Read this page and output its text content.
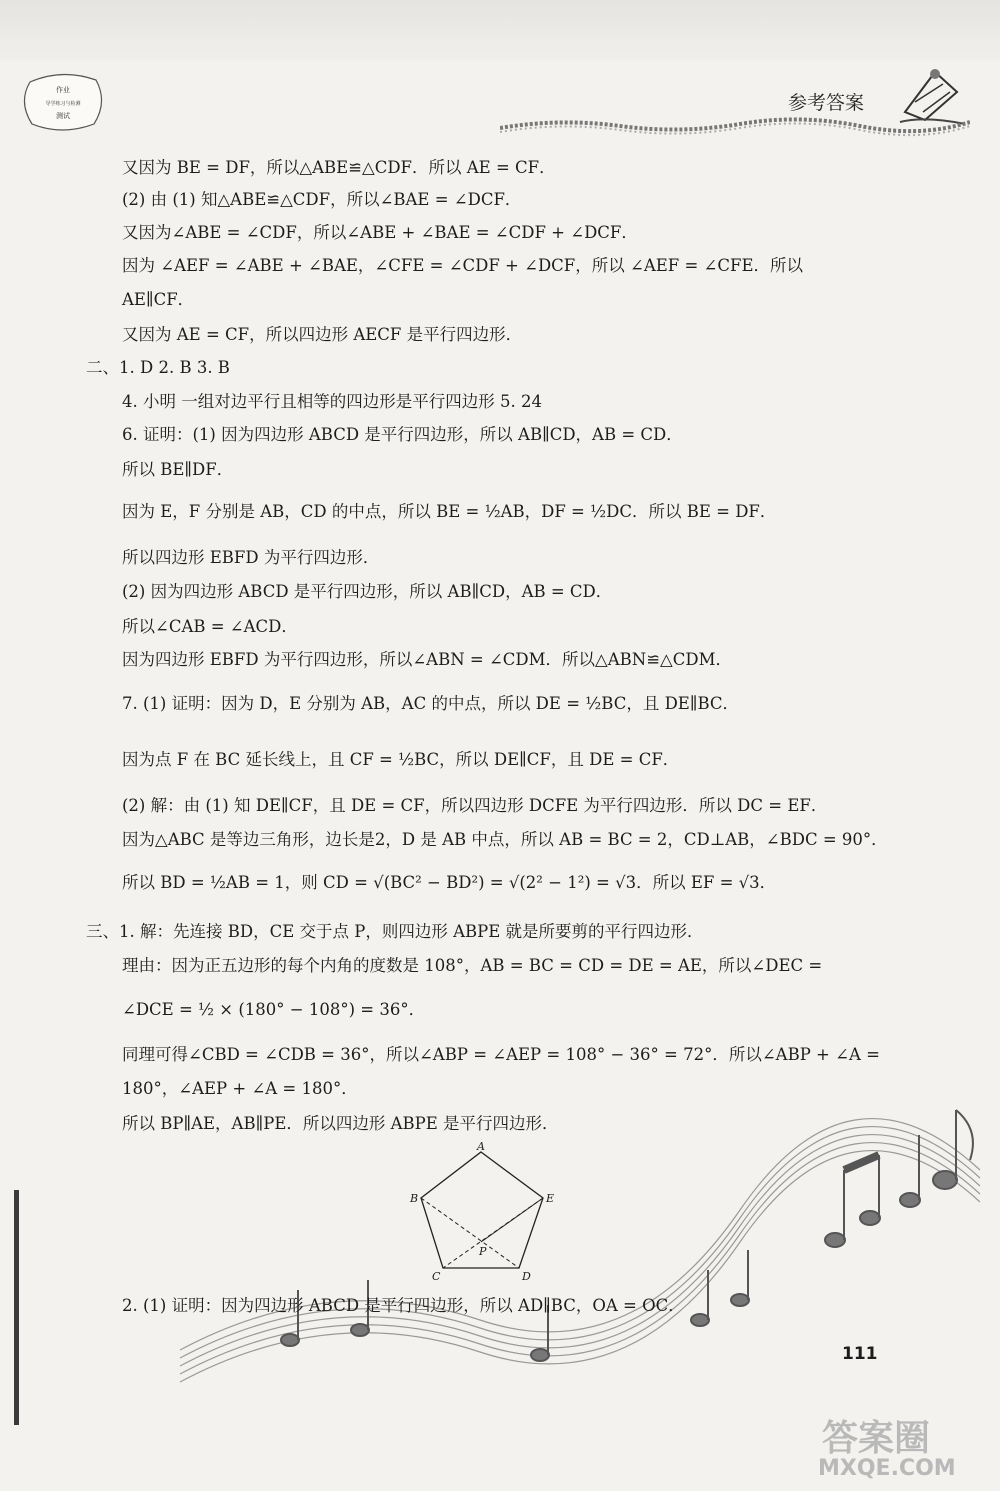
作业
导学练习与检测
测试
参考答案
又因为 BE = DF，所以△ABE≌△CDF．所以 AE = CF．
(2) 由 (1) 知△ABE≌△CDF，所以∠BAE = ∠DCF．
又因为∠ABE = ∠CDF，所以∠ABE + ∠BAE = ∠CDF + ∠DCF．
因为 ∠AEF = ∠ABE + ∠BAE，∠CFE = ∠CDF + ∠DCF，所以 ∠AEF = ∠CFE．所以
AE∥CF．
又因为 AE = CF，所以四边形 AECF 是平行四边形．
二、1. D 2. B 3. B
4. 小明 一组对边平行且相等的四边形是平行四边形 5. 24
6. 证明：(1) 因为四边形 ABCD 是平行四边形，所以 AB∥CD，AB = CD．
所以 BE∥DF．
因为 E，F 分别是 AB，CD 的中点，所以 BE = ½AB，DF = ½DC．所以 BE = DF．
所以四边形 EBFD 为平行四边形．
(2) 因为四边形 ABCD 是平行四边形，所以 AB∥CD，AB = CD．
所以∠CAB = ∠ACD．
因为四边形 EBFD 为平行四边形，所以∠ABN = ∠CDM．所以△ABN≌△CDM．
7. (1) 证明：因为 D，E 分别为 AB，AC 的中点，所以 DE = ½BC，且 DE∥BC．
因为点 F 在 BC 延长线上，且 CF = ½BC，所以 DE∥CF，且 DE = CF．
(2) 解：由 (1) 知 DE∥CF，且 DE = CF，所以四边形 DCFE 为平行四边形．所以 DC = EF．
因为△ABC 是等边三角形，边长是2，D 是 AB 中点，所以 AB = BC = 2，CD⊥AB，∠BDC = 90°．
所以 BD = ½AB = 1，则 CD = √(BC² − BD²) = √(2² − 1²) = √3．所以 EF = √3．
三、1. 解：先连接 BD，CE 交于点 P，则四边形 ABPE 就是所要剪的平行四边形．
理由：因为正五边形的每个内角的度数是 108°，AB = BC = CD = DE = AE，所以∠DEC =
∠DCE = ½ × (180° − 108°) = 36°．
同理可得∠CBD = ∠CDB = 36°，所以∠ABP = ∠AEP = 108° − 36° = 72°．所以∠ABP + ∠A =
180°，∠AEP + ∠A = 180°．
所以 BP∥AE，AB∥PE．所以四边形 ABPE 是平行四边形．
A
B	E
C	D
P
2. (1) 证明：因为四边形 ABCD 是平行四边形，所以 AD∥BC，OA = OC．
111
答案圈
MXQE.COM
